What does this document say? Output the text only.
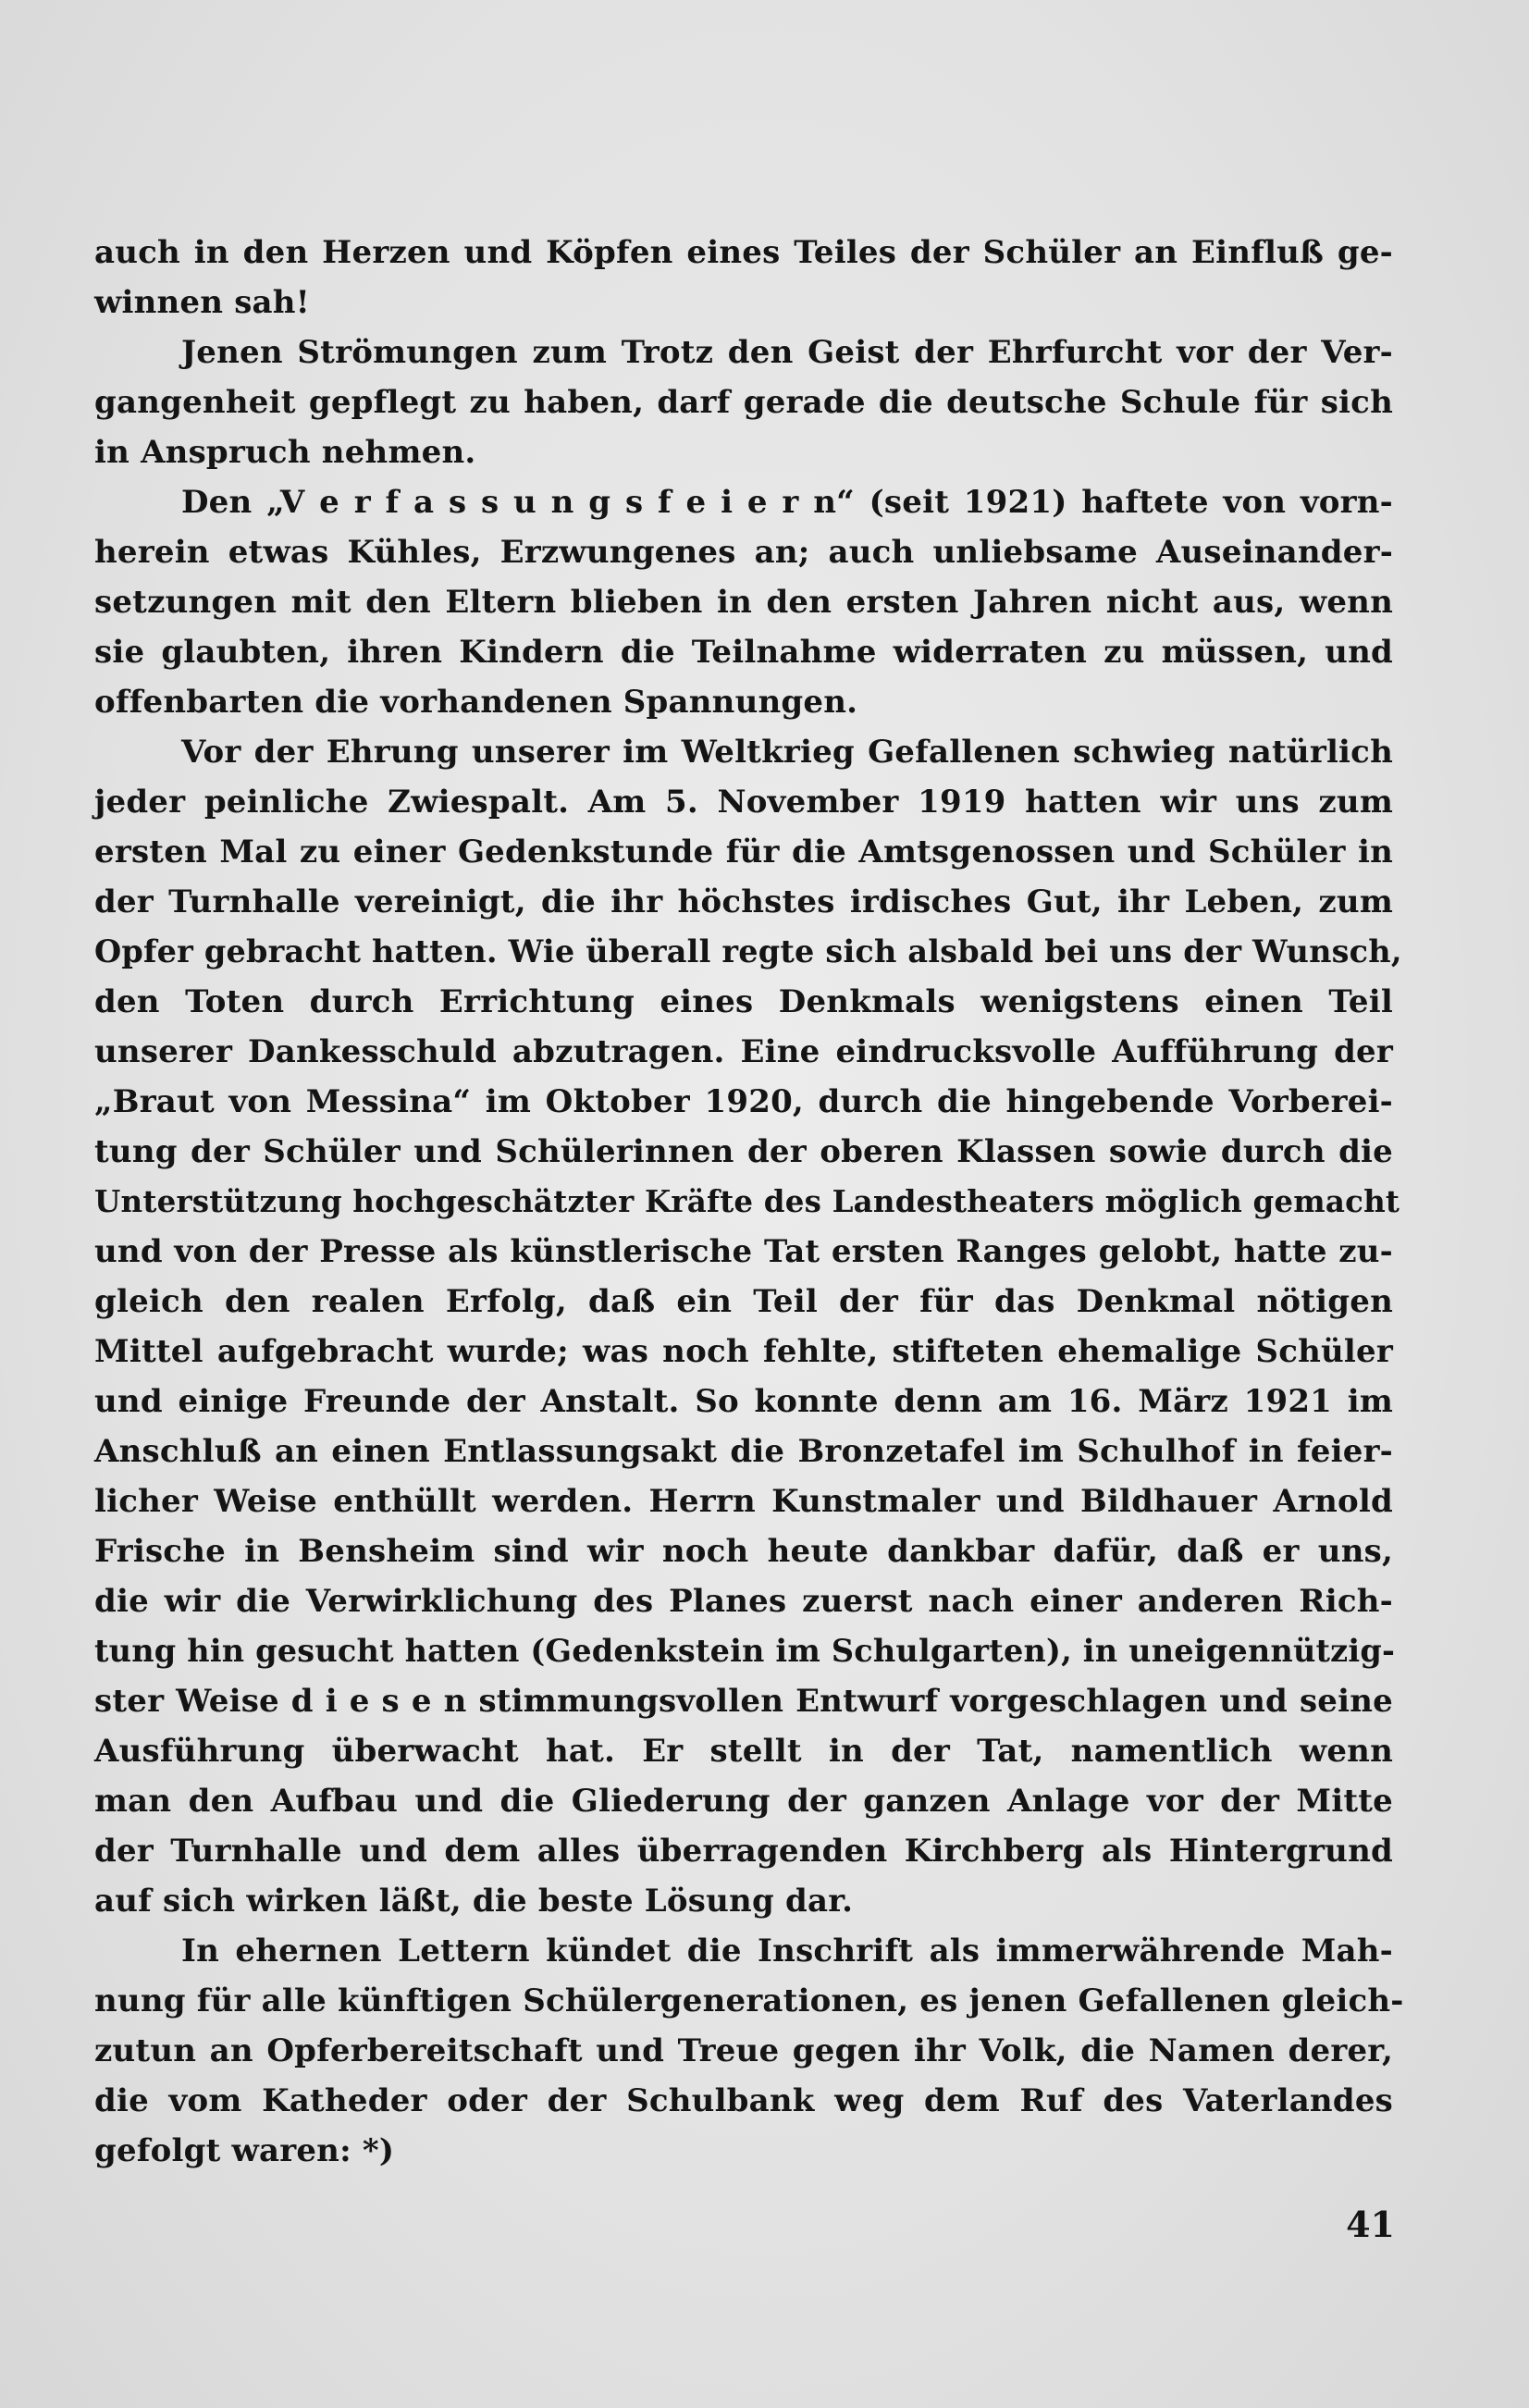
auch in den Herzen und Köpfen eines Teiles der Schüler an Einfluß ge-
winnen sah!
Jenen Strömungen zum Trotz den Geist der Ehrfurcht vor der Ver-
gangenheit gepflegt zu haben, darf gerade die deutsche Schule für sich
in Anspruch nehmen.
Den „V e r f a s s u n g s f e i e r n“ (seit 1921) haftete von vorn-
herein etwas Kühles, Erzwungenes an; auch unliebsame Auseinander-
setzungen mit den Eltern blieben in den ersten Jahren nicht aus, wenn
sie glaubten, ihren Kindern die Teilnahme widerraten zu müssen, und
offenbarten die vorhandenen Spannungen.
Vor der Ehrung unserer im Weltkrieg Gefallenen schwieg natürlich
jeder peinliche Zwiespalt. Am 5. November 1919 hatten wir uns zum
ersten Mal zu einer Gedenkstunde für die Amtsgenossen und Schüler in
der Turnhalle vereinigt, die ihr höchstes irdisches Gut, ihr Leben, zum
Opfer gebracht hatten. Wie überall regte sich alsbald bei uns der Wunsch,
den Toten durch Errichtung eines Denkmals wenigstens einen Teil
unserer Dankesschuld abzutragen. Eine eindrucksvolle Aufführung der
„Braut von Messina“ im Oktober 1920, durch die hingebende Vorberei-
tung der Schüler und Schülerinnen der oberen Klassen sowie durch die
Unterstützung hochgeschätzter Kräfte des Landestheaters möglich gemacht
und von der Presse als künstlerische Tat ersten Ranges gelobt, hatte zu-
gleich den realen Erfolg, daß ein Teil der für das Denkmal nötigen
Mittel aufgebracht wurde; was noch fehlte, stifteten ehemalige Schüler
und einige Freunde der Anstalt. So konnte denn am 16. März 1921 im
Anschluß an einen Entlassungsakt die Bronzetafel im Schulhof in feier-
licher Weise enthüllt werden. Herrn Kunstmaler und Bildhauer Arnold
Frische in Bensheim sind wir noch heute dankbar dafür, daß er uns,
die wir die Verwirklichung des Planes zuerst nach einer anderen Rich-
tung hin gesucht hatten (Gedenkstein im Schulgarten), in uneigennützig-
ster Weise d i e s e n stimmungsvollen Entwurf vorgeschlagen und seine
Ausführung überwacht hat. Er stellt in der Tat, namentlich wenn
man den Aufbau und die Gliederung der ganzen Anlage vor der Mitte
der Turnhalle und dem alles überragenden Kirchberg als Hintergrund
auf sich wirken läßt, die beste Lösung dar.
In ehernen Lettern kündet die Inschrift als immerwährende Mah-
nung für alle künftigen Schülergenerationen, es jenen Gefallenen gleich-
zutun an Opferbereitschaft und Treue gegen ihr Volk, die Namen derer,
die vom Katheder oder der Schulbank weg dem Ruf des Vaterlandes
gefolgt waren: *)
41
